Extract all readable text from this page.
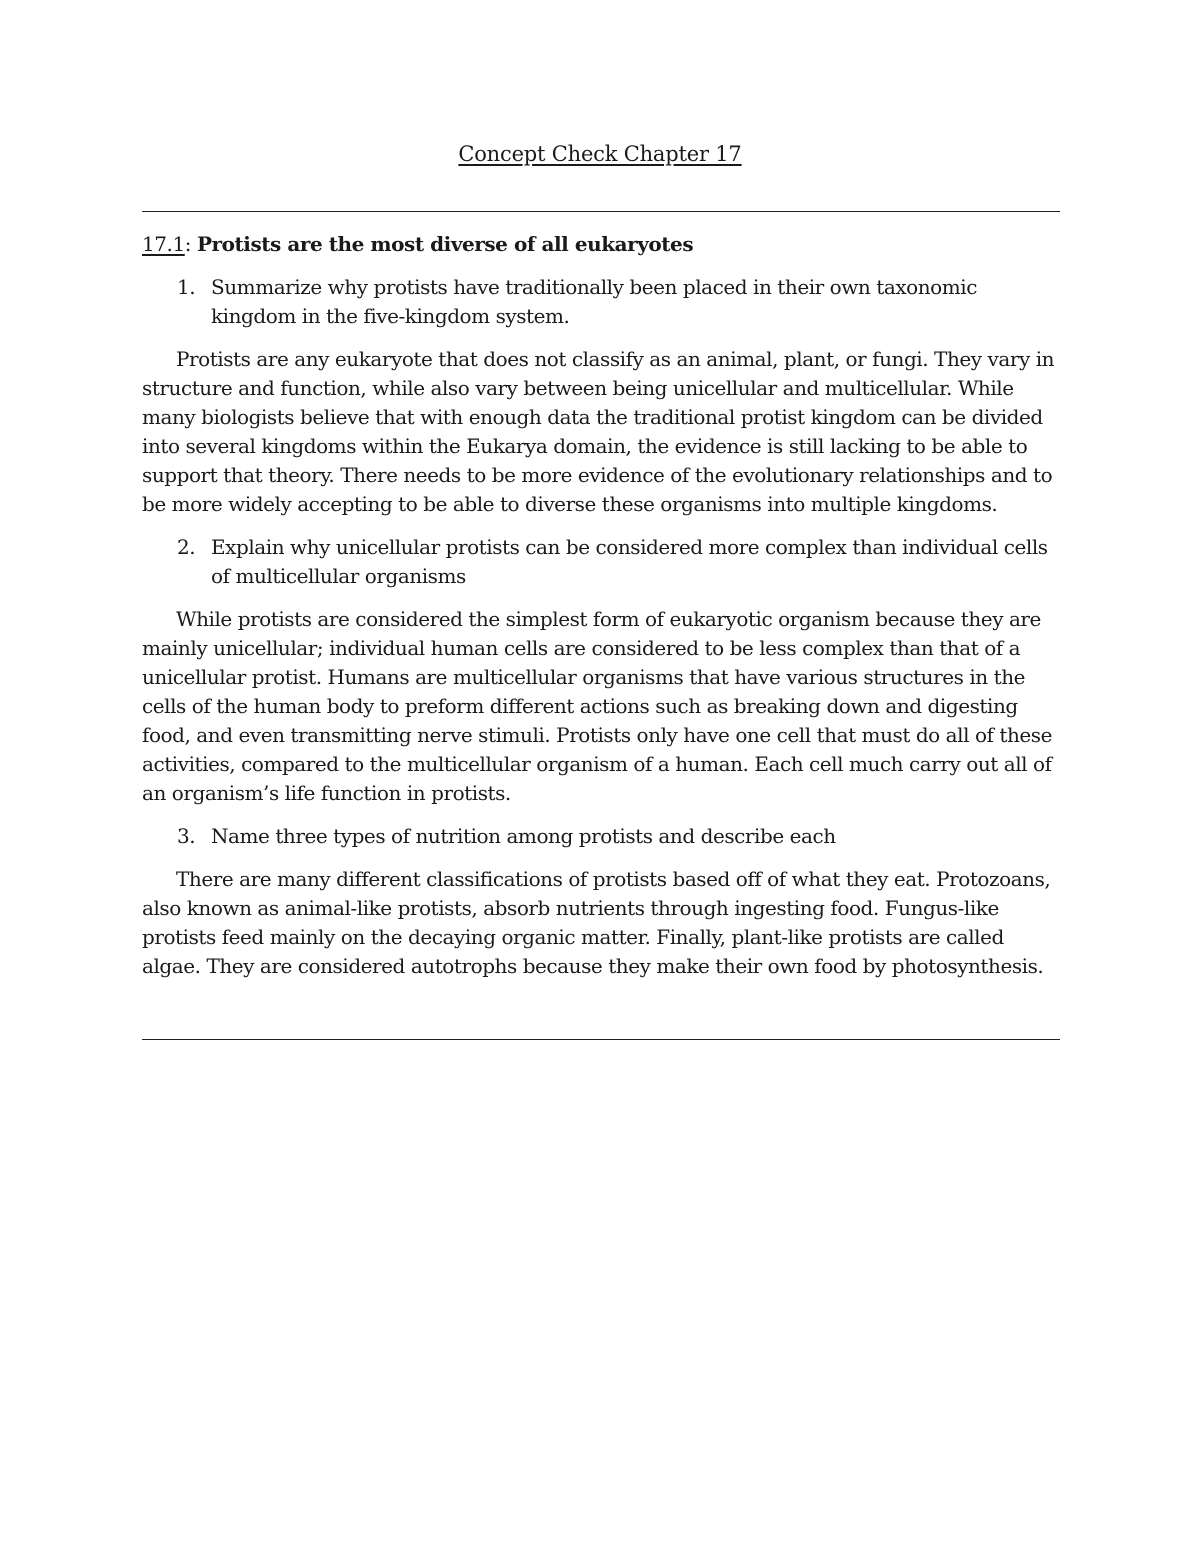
Concept Check Chapter 17

17.1: Protists are the most diverse of all eukaryotes

1. Summarize why protists have traditionally been placed in their own taxonomic kingdom in the five-kingdom system.

Protists are any eukaryote that does not classify as an animal, plant, or fungi. They vary in structure and function, while also vary between being unicellular and multicellular. While many biologists believe that with enough data the traditional protist kingdom can be divided into several kingdoms within the Eukarya domain, the evidence is still lacking to be able to support that theory. There needs to be more evidence of the evolutionary relationships and to be more widely accepting to be able to diverse these organisms into multiple kingdoms.

2. Explain why unicellular protists can be considered more complex than individual cells of multicellular organisms

While protists are considered the simplest form of eukaryotic organism because they are mainly unicellular; individual human cells are considered to be less complex than that of a unicellular protist. Humans are multicellular organisms that have various structures in the cells of the human body to preform different actions such as breaking down and digesting food, and even transmitting nerve stimuli. Protists only have one cell that must do all of these activities, compared to the multicellular organism of a human. Each cell much carry out all of an organism’s life function in protists.

3. Name three types of nutrition among protists and describe each

There are many different classifications of protists based off of what they eat. Protozoans, also known as animal-like protists, absorb nutrients through ingesting food. Fungus-like protists feed mainly on the decaying organic matter. Finally, plant-like protists are called algae. They are considered autotrophs because they make their own food by photosynthesis.
